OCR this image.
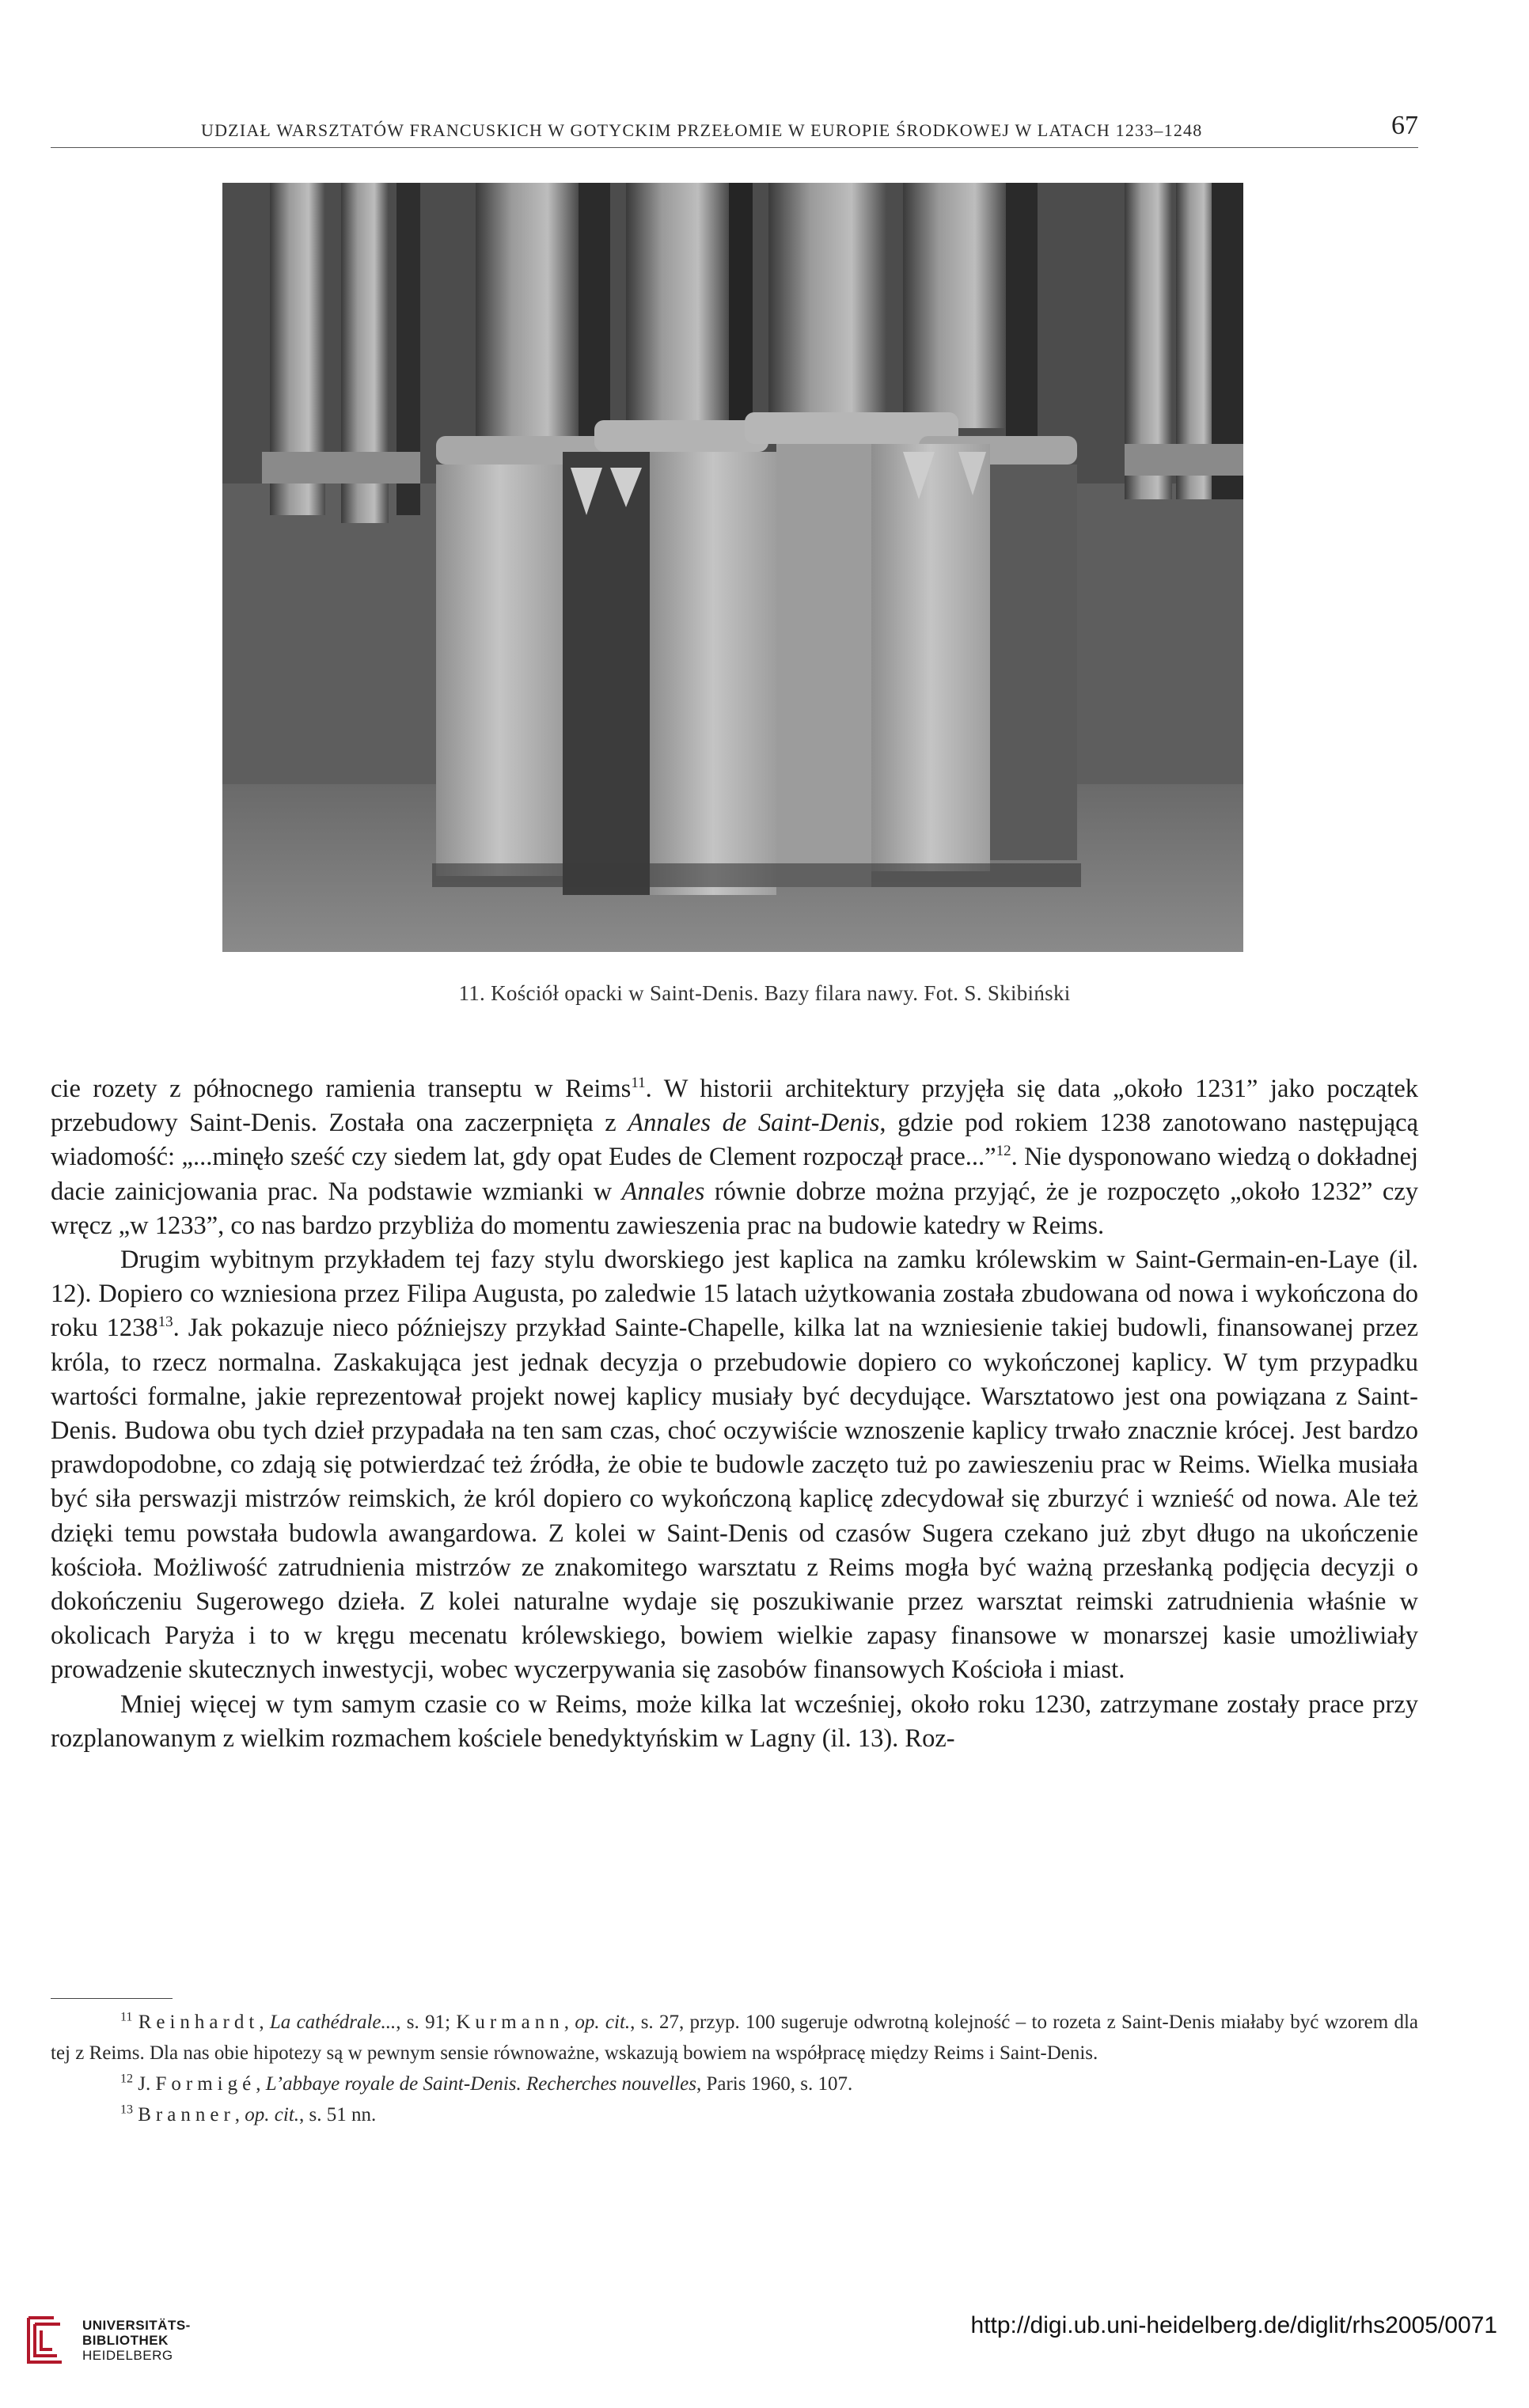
UDZIAŁ WARSZTATÓW FRANCUSKICH W GOTYCKIM PRZEŁOMIE W EUROPIE ŚRODKOWEJ W LATACH 1233–1248	67
11. Kościół opacki w Saint-Denis. Bazy filara nawy. Fot. S. Skibiński

cie rozety z północnego ramienia transeptu w Reims$^{11}$. W historii architektury przyjęła się data „około 1231” jako początek przebudowy Saint-Denis. Została ona zaczerpnięta z Annales de Saint-Denis, gdzie pod rokiem 1238 zanotowano następującą wiadomość: „...minęło sześć czy siedem lat, gdy opat Eudes de Clement rozpoczął prace...”$^{12}$. Nie dysponowano wiedzą o dokładnej dacie zainicjowania prac. Na podstawie wzmianki w Annales równie dobrze można przyjąć, że je rozpoczęto „około 1232” czy wręcz „w 1233”, co nas bardzo przybliża do momentu zawieszenia prac na budowie katedry w Reims.

Drugim wybitnym przykładem tej fazy stylu dworskiego jest kaplica na zamku królewskim w Saint-Germain-en-Laye (il. 12). Dopiero co wzniesiona przez Filipa Augusta, po zaledwie 15 latach użytkowania została zbudowana od nowa i wykończona do roku 1238$^{13}$. Jak pokazuje nieco późniejszy przykład Sainte-Chapelle, kilka lat na wzniesienie takiej budowli, finansowanej przez króla, to rzecz normalna. Zaskakująca jest jednak decyzja o przebudowie dopiero co wykończonej kaplicy. W tym przypadku wartości formalne, jakie reprezentował projekt nowej kaplicy musiały być decydujące. Warsztatowo jest ona powiązana z Saint-Denis. Budowa obu tych dzieł przypadała na ten sam czas, choć oczywiście wznoszenie kaplicy trwało znacznie krócej. Jest bardzo prawdopodobne, co zdają się potwierdzać też źródła, że obie te budowle zaczęto tuż po zawieszeniu prac w Reims. Wielka musiała być siła perswazji mistrzów reimskich, że król dopiero co wykończoną kaplicę zdecydował się zburzyć i wznieść od nowa. Ale też dzięki temu powstała budowla awangardowa. Z kolei w Saint-Denis od czasów Sugera czekano już zbyt długo na ukończenie kościoła. Możliwość zatrudnienia mistrzów ze znakomitego warsztatu z Reims mogła być ważną przesłanką podjęcia decyzji o dokończeniu Sugerowego dzieła. Z kolei naturalne wydaje się poszukiwanie przez warsztat reimski zatrudnienia właśnie w okolicach Paryża i to w kręgu mecenatu królewskiego, bowiem wielkie zapasy finansowe w monarszej kasie umożliwiały prowadzenie skutecznych inwestycji, wobec wyczerpywania się zasobów finansowych Kościoła i miast.

Mniej więcej w tym samym czasie co w Reims, może kilka lat wcześniej, około roku 1230, zatrzymane zostały prace przy rozplanowanym z wielkim rozmachem kościele benedyktyńskim w Lagny (il. 13). Roz-

$^{11}$ Reinhardt, La cathédrale..., s. 91; Kurmann, op. cit., s. 27, przyp. 100 sugeruje odwrotną kolejność – to rozeta z Saint-Denis miałaby być wzorem dla tej z Reims. Dla nas obie hipotezy są w pewnym sensie równoważne, wskazują bowiem na współpracę między Reims i Saint-Denis.

$^{12}$ J. Formigé, L’abbaye royale de Saint-Denis. Recherches nouvelles, Paris 1960, s. 107.

$^{13}$ Branner, op. cit., s. 51 nn.

UNIVERSITÄTS-
BIBLIOTHEK
HEIDELBERG
http://digi.ub.uni-heidelberg.de/diglit/rhs2005/0071
